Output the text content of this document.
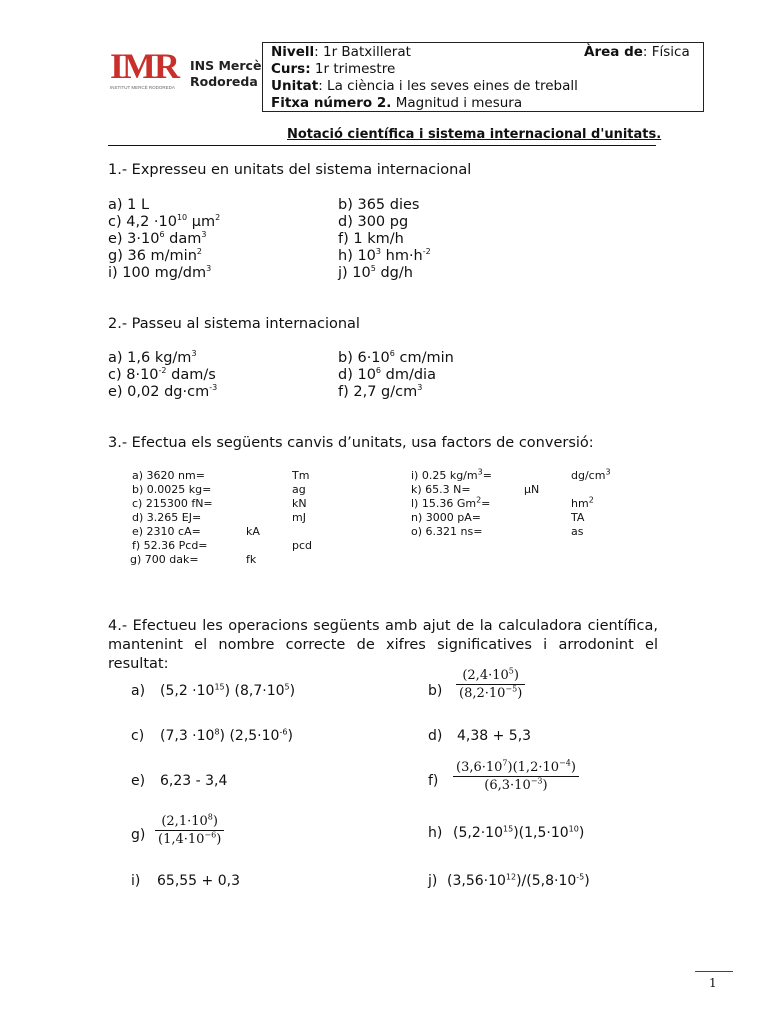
IMR
INSTITUT MERCÈ RODOREDA
INS Mercè
Rodoreda
Nivell: 1r Batxillerat	Àrea de: Física
Curs: 1r trimestre
Unitat: La ciència i les seves eines de treball
Fitxa número 2. Magnitud i mesura
Notació científica i sistema internacional d'unitats.
1.- Expresseu en unitats del sistema internacional
a) 1 L	b) 365 dies
c) $4,2 \cdot 10^{10}$ $\mu m^2$	d) 300 pg
e) $3\cdot 10^6$ dam$^3$	f) 1 km/h
g) 36 $m/\min^2$	h) $10^3$ $hm\cdot h^{-2}$
i) 100 $mg/dm^3$	j) $10^5$ dg/h
2.- Passeu al sistema internacional
a) 1,6 $kg/m^3$	b) $6\cdot 10^6$ cm/min
c) $8\cdot 10^{-2}$ dam/s	d) $10^6$ dm/dia
e) 0,02 $dg\cdot cm^{-3}$	f) 2,7 $g/cm^3$
3.- Efectua els següents canvis d’unitats, usa factors de conversió:
a) 3620 nm=	Tm
b) 0.0025 kg=	ag
c) 215300 fN=	kN
d) 3.265 EJ=	mJ
e) 2310 cA=	kA
f) 52.36 Pcd=	pcd
g) 700 dak=	fk
i) 0.25 $kg/m^3=$	$dg/cm^3$
k) 65.3 N=	μN
l) 15.36 $Gm^2=$	$hm^2$
n) 3000 pA=	TA
o) 6.321 ns=	as
4.- Efectueu les operacions següents amb ajut de la calculadora científica, mantenint el nombre correcte de xifres significatives i arrodonint el resultat:
a) $(5,2 \cdot 10^{15})$ $(8,7\cdot 10^5)$	$b) \frac{(2,4\cdot 10^5)}{(8,2\cdot 10^{-5})}$
c) $(7,3 \cdot 10^8)$ $(2,5\cdot 10^{-6})$	d) 4,38 + 5,3
e) 6,23 - 3,4	$f) \frac{(3,6\cdot 10^7)(1,2\cdot 10^{-4})}{(6,3\cdot 10^{-3})}$
$g) \frac{(2,1\cdot 10^8)}{(1,4\cdot 10^{-6})}$	h) $(5,2\cdot 10^{15})(1,5\cdot 10^{10})$
i) 65,55 + 0,3	j) $(3,56\cdot 10^{12})/(5,8\cdot 10^{-5})$
1
